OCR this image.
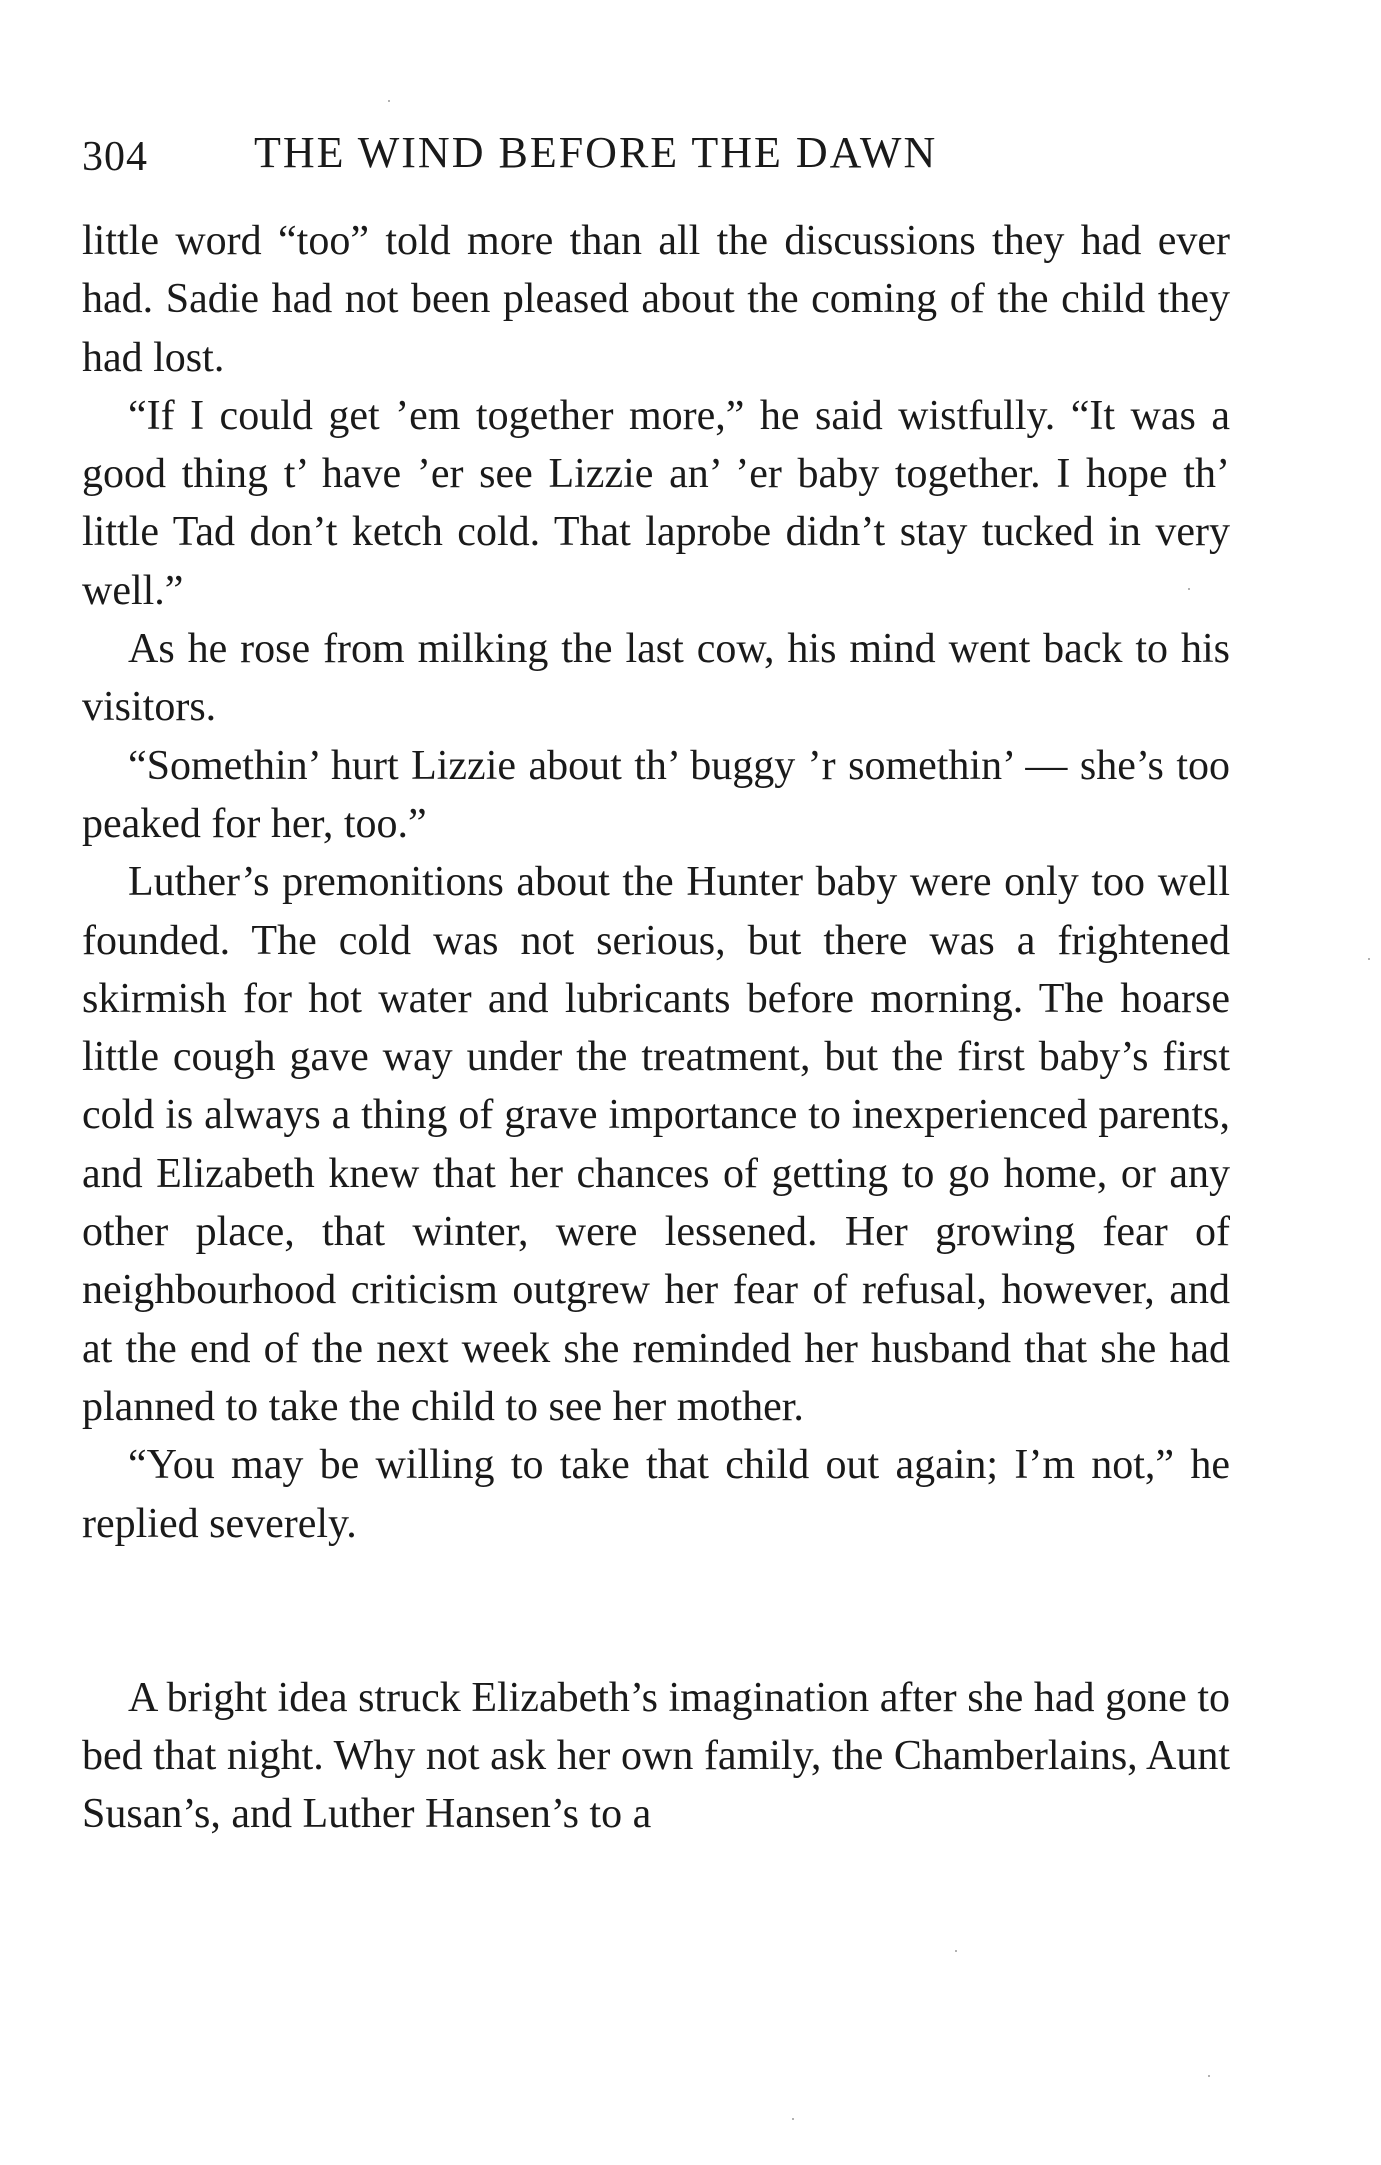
304 THE WIND BEFORE THE DAWN

little word “too” told more than all the discussions they had ever had. Sadie had not been pleased about the coming of the child they had lost.

“If I could get ’em together more,” he said wistfully. “It was a good thing t’ have ’er see Lizzie an’ ’er baby together. I hope th’ little Tad don’t ketch cold. That laprobe didn’t stay tucked in very well.”

As he rose from milking the last cow, his mind went back to his visitors.

“Somethin’ hurt Lizzie about th’ buggy ’r somethin’ — she’s too peaked for her, too.”

Luther’s premonitions about the Hunter baby were only too well founded. The cold was not serious, but there was a frightened skirmish for hot water and lubricants before morning. The hoarse little cough gave way under the treatment, but the first baby’s first cold is always a thing of grave importance to inexperienced parents, and Elizabeth knew that her chances of getting to go home, or any other place, that winter, were lessened. Her growing fear of neighbourhood criticism outgrew her fear of refusal, however, and at the end of the next week she reminded her husband that she had planned to take the child to see her mother.

“You may be willing to take that child out again; I’m not,” he replied severely.

A bright idea struck Elizabeth’s imagination after she had gone to bed that night. Why not ask her own family, the Chamberlains, Aunt Susan’s, and Luther Hansen’s to a
